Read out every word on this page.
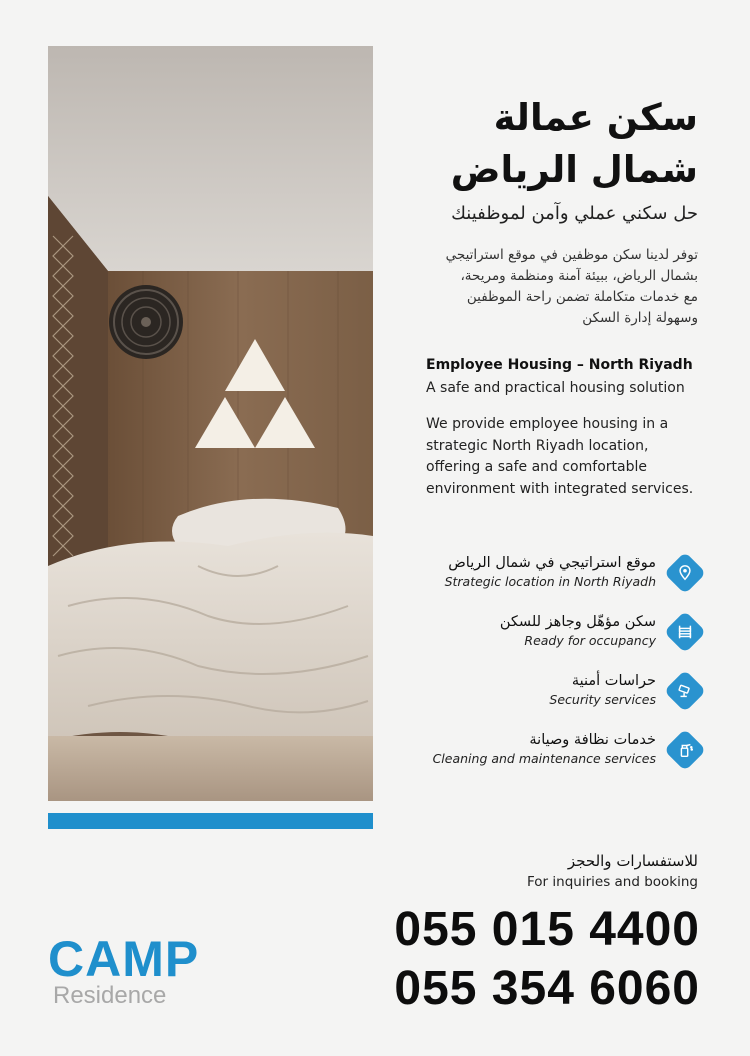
سكن عمالة
شمال الرياض
حل سكني عملي وآمن لموظفينك
توفر لدينا سكن موظفين في موقع استراتيجي
بشمال الرياض، ببيئة آمنة ومنظمة ومريحة،
مع خدمات متكاملة تضمن راحة الموظفين
وسهولة إدارة السكن
Employee Housing – North Riyadh
A safe and practical housing solution
We provide employee housing in a
strategic North Riyadh location,
offering a safe and comfortable
environment with integrated services.
موقع استراتيجي في شمال الرياض
Strategic location in North Riyadh
سكن مؤهّل وجاهز للسكن
Ready for occupancy
حراسات أمنية
Security services
خدمات نظافة وصيانة
Cleaning and maintenance services
للاستفسارات والحجز
For inquiries and booking
055 015 4400
055 354 6060
CAMP
Residence
